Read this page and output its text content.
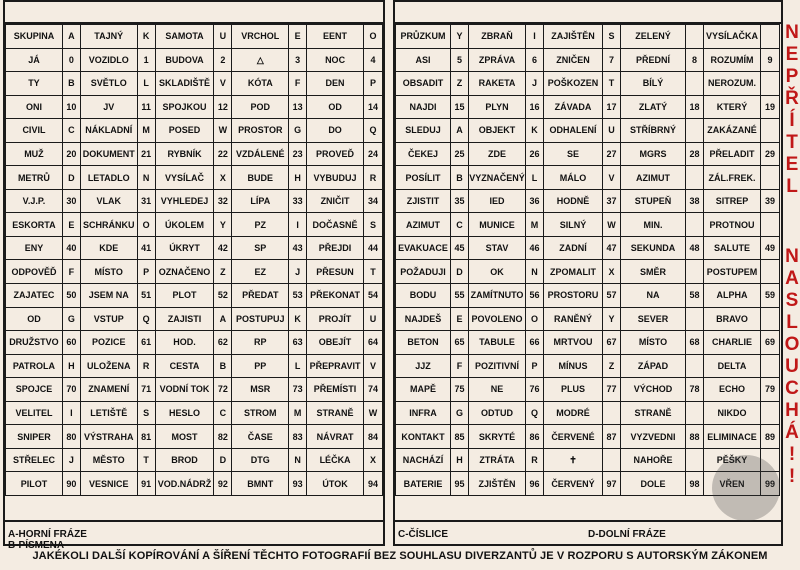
SKUPINA	A	TAJNÝ	K	SAMOTA	U	VRCHOL	E	EENT	O
JÁ	0	VOZIDLO	1	BUDOVA	2	△	3	NOC	4
TY	B	SVĚTLO	L	SKLADIŠTĚ	V	KÓTA	F	DEN	P
ONI	10	JV	11	SPOJKOU	12	POD	13	OD	14
CIVIL	C	NÁKLADNÍ	M	POSED	W	PROSTOR	G	DO	Q
MUŽ	20	DOKUMENT	21	RYBNÍK	22	VZDÁLENÉ	23	PROVEĎ	24
METRŮ	D	LETADLO	N	VYSÍLAČ	X	BUDE	H	VYBUDUJ	R
V.J.P.	30	VLAK	31	VYHLEDEJ	32	LÍPA	33	ZNIČIT	34
ESKORTA	E	SCHRÁNKU	O	ÚKOLEM	Y	PZ	I	DOČASNĚ	S
ENY	40	KDE	41	ÚKRYT	42	SP	43	PŘEJDI	44
ODPOVĚĎ	F	MÍSTO	P	OZNAČENO	Z	EZ	J	PŘESUN	T
ZAJATEC	50	JSEM NA	51	PLOT	52	PŘEDAT	53	PŘEKONAT	54
OD	G	VSTUP	Q	ZAJISTI	A	POSTUPUJ	K	PROJÍT	U
DRUŽSTVO	60	POZICE	61	HOD.	62	RP	63	OBEJÍT	64
PATROLA	H	ULOŽENA	R	CESTA	B	PP	L	PŘEPRAVIT	V
SPOJCE	70	ZNAMENÍ	71	VODNÍ TOK	72	MSR	73	PŘEMÍSTI	74
VELITEL	I	LETIŠTĚ	S	HESLO	C	STROM	M	STRANĚ	W
SNIPER	80	VÝSTRAHA	81	MOST	82	ČASE	83	NÁVRAT	84
STŘELEC	J	MĚSTO	T	BROD	D	DTG	N	LÉČKA	X
PILOT	90	VESNICE	91	VOD.NÁDRŽ	92	BMNT	93	ÚTOK	94
PRŮZKUM	Y	ZBRAŇ	I	ZAJIŠTĚN	S	ZELENÝ		VYSÍLAČKA	
ASI	5	ZPRÁVA	6	ZNIČEN	7	PŘEDNÍ	8	ROZUMÍM	9
OBSADIT	Z	RAKETA	J	POŠKOZEN	T	BÍLÝ		NEROZUM.	
NAJDI	15	PLYN	16	ZÁVADA	17	ZLATÝ	18	KTERÝ	19
SLEDUJ	A	OBJEKT	K	ODHALENÍ	U	STŘÍBRNÝ		ZAKÁZANÉ	
ČEKEJ	25	ZDE	26	SE	27	MGRS	28	PŘELADIT	29
POSÍLIT	B	VYZNAČENÝ	L	MÁLO	V	AZIMUT		ZÁL.FREK.	
ZJISTIT	35	IED	36	HODNĚ	37	STUPEŇ	38	SITREP	39
AZIMUT	C	MUNICE	M	SILNÝ	W	MIN.		PROTNOU	
EVAKUACE	45	STAV	46	ZADNÍ	47	SEKUNDA	48	SALUTE	49
POŽADUJI	D	OK	N	ZPOMALIT	X	SMĚR		POSTUPEM	
BODU	55	ZAMÍTNUTO	56	PROSTORU	57	NA	58	ALPHA	59
NAJDEŠ	E	POVOLENO	O	RANĚNÝ	Y	SEVER		BRAVO	
BETON	65	TABULE	66	MRTVOU	67	MÍSTO	68	CHARLIE	69
JJZ	F	POZITIVNÍ	P	MÍNUS	Z	ZÁPAD		DELTA	
MAPĚ	75	NE	76	PLUS	77	VÝCHOD	78	ECHO	79
INFRA	G	ODTUD	Q	MODRÉ		STRANĚ		NIKDO	
KONTAKT	85	SKRYTÉ	86	ČERVENÉ	87	VYZVEDNI	88	ELIMINACE	89
NACHÁZÍ	H	ZTRÁTA	R	✝		NAHOŘE		PĚŠKY	
BATERIE	95	ZJIŠTĚN	96	ČERVENÝ	97	DOLE	98	VŘEN	99
A-HORNÍ FRÁZEB-PÍSMENA
C-ČÍSLICE	D-DOLNÍ FRÁZE
N
E
P
Ř
Í
T
E
L
N
A
S
L
O
U
C
H
Á
!
!
JAKÉKOLI DALŠÍ KOPÍROVÁNÍ A ŠÍŘENÍ TĚCHTO FOTOGRAFIÍ BEZ SOUHLASU DIVERZANTŮ JE V ROZPORU S AUTORSKÝM ZÁKONEM
